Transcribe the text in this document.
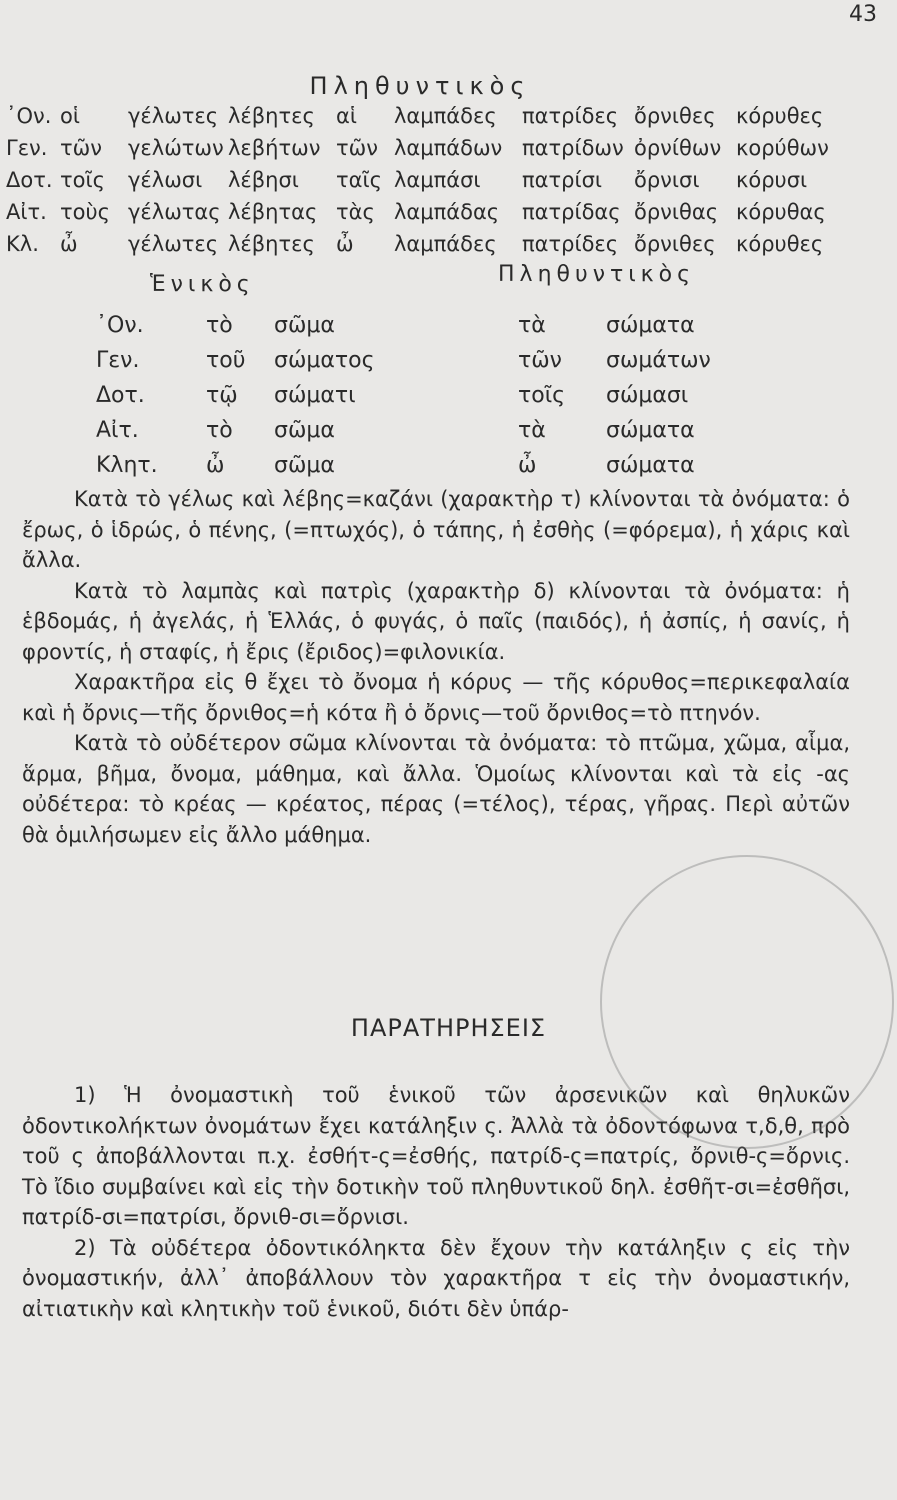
43
Πληθυντικὸς
᾿Ον.	οἱ	γέλωτες	λέβητες	αἱ	λαμπάδες	πατρίδες	ὄρνιθες	κόρυθες
Γεν.	τῶν	γελώτων	λεβήτων	τῶν	λαμπάδων	πατρίδων	ὀρνίθων	κορύθων
Δοτ.	τοῖς	γέλωσι	λέβησι	ταῖς	λαμπάσι	πατρίσι	ὄρνισι	κόρυσι
Αἰτ.	τοὺς	γέλωτας	λέβητας	τὰς	λαμπάδας	πατρίδας	ὄρνιθας	κόρυθας
Κλ.	ὦ	γέλωτες	λέβητες	ὦ	λαμπάδες	πατρίδες	ὄρνιθες	κόρυθες
Ἑνικὸς	Πληθυντικὸς
᾿Ον.	τὸ	σῶμα	τὰ	σώματα
Γεν.	τοῦ	σώματος	τῶν	σωμάτων
Δοτ.	τῷ	σώματι	τοῖς	σώμασι
Αἰτ.	τὸ	σῶμα	τὰ	σώματα
Κλητ.	ὦ	σῶμα	ὦ	σώματα

Κατὰ τὸ γέλως καὶ λέβης=καζάνι (χαρακτὴρ τ) κλίνονται τὰ ὀνόματα: ὁ ἔρως, ὁ ἱδρώς, ὁ πένης, (=πτωχός), ὁ τάπης, ἡ ἐσθὴς (=φόρεμα), ἡ χάρις καὶ ἄλλα.

Κατὰ τὸ λαμπὰς καὶ πατρὶς (χαρακτὴρ δ) κλίνονται τὰ ὀνόματα: ἡ ἑβδομάς, ἡ ἀγελάς, ἡ Ἑλλάς, ὁ φυγάς, ὁ παῖς (παιδός), ἡ ἀσπίς, ἡ σανίς, ἡ φροντίς, ἡ σταφίς, ἡ ἔρις (ἔριδος)=φιλονικία.

Χαρακτῆρα εἰς θ ἔχει τὸ ὄνομα ἡ κόρυς — τῆς κόρυθος=περικεφαλαία καὶ ἡ ὄρνις—τῆς ὄρνιθος=ἡ κότα ἢ ὁ ὄρνις—τοῦ ὄρνιθος=τὸ πτηνόν.

Κατὰ τὸ οὐδέτερον σῶμα κλίνονται τὰ ὀνόματα: τὸ πτῶμα, χῶμα, αἷμα, ἅρμα, βῆμα, ὄνομα, μάθημα, καὶ ἄλλα. Ὁμοίως κλίνονται καὶ τὰ εἰς -ας οὐδέτερα: τὸ κρέας — κρέατος, πέρας (=τέλος), τέρας, γῆρας. Περὶ αὐτῶν θὰ ὁμιλήσωμεν εἰς ἄλλο μάθημα.

ΠΑΡΑΤΗΡΗΣΕΙΣ

1) Ἡ ὀνομαστικὴ τοῦ ἑνικοῦ τῶν ἀρσενικῶν καὶ θηλυκῶν ὀδοντικολήκτων ὀνομάτων ἔχει κατάληξιν ς. Ἀλλὰ τὰ ὀδοντόφωνα τ,δ,θ, πρὸ τοῦ ς ἀποβάλλονται π.χ. ἐσθήτ-ς=ἐσθής, πατρίδ-ς=πατρίς, ὄρνιθ-ς=ὄρνις. Τὸ ἴδιο συμβαίνει καὶ εἰς τὴν δοτικὴν τοῦ πληθυντικοῦ δηλ. ἐσθῆτ-σι=ἐσθῆσι, πατρίδ-σι=πατρίσι, ὄρνιθ-σι=ὄρνισι.

2) Τὰ οὐδέτερα ὀδοντικόληκτα δὲν ἔχουν τὴν κατάληξιν ς εἰς τὴν ὀνομαστικήν, ἀλλ᾿ ἀποβάλλουν τὸν χαρακτῆρα τ εἰς τὴν ὀνομαστικήν, αἰτιατικὴν καὶ κλητικὴν τοῦ ἑνικοῦ, διότι δὲν ὑπάρ-
